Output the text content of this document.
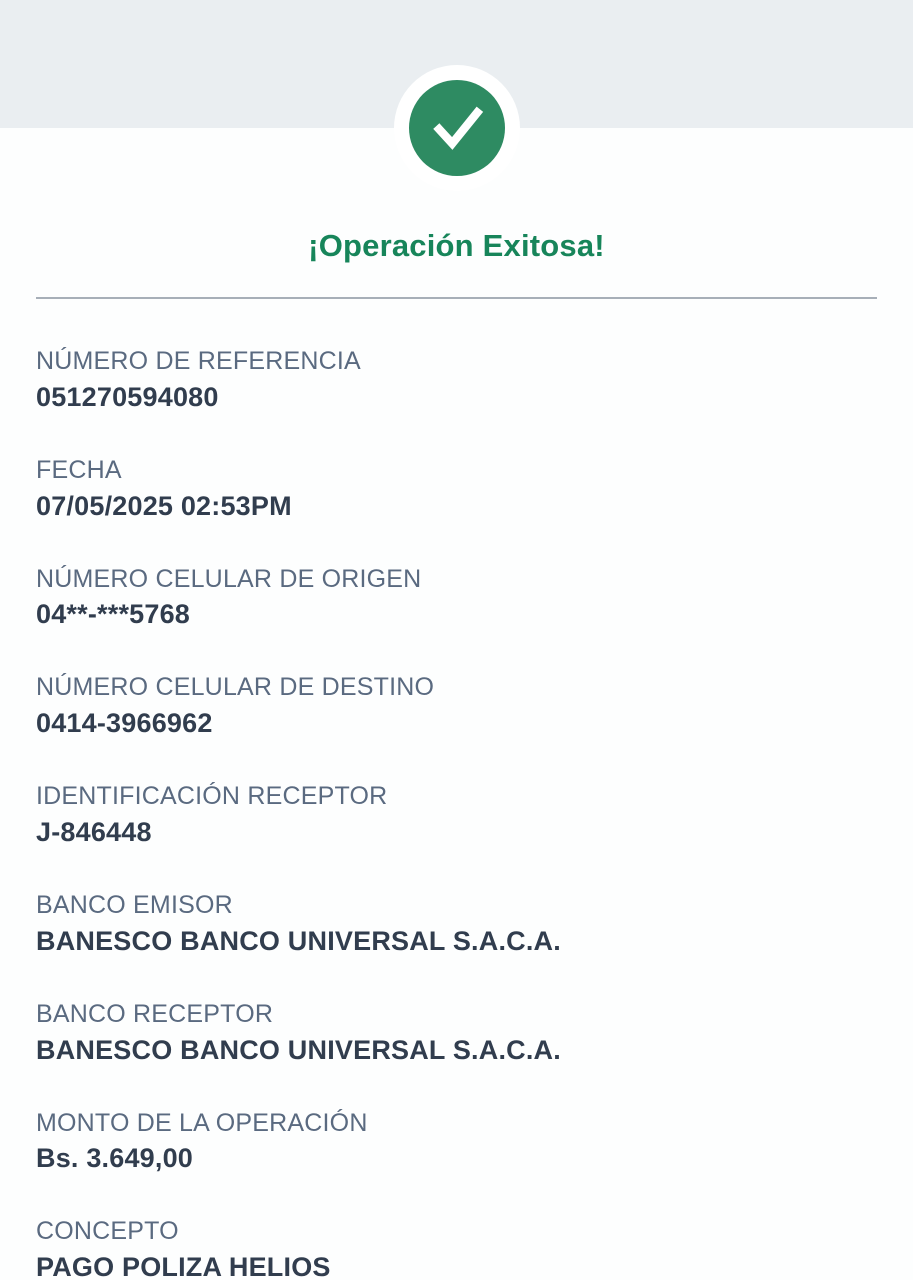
¡Operación Exitosa!
NÚMERO DE REFERENCIA
051270594080
FECHA
07/05/2025 02:53PM
NÚMERO CELULAR DE ORIGEN
04**-***5768
NÚMERO CELULAR DE DESTINO
0414-3966962
IDENTIFICACIÓN RECEPTOR
J-846448
BANCO EMISOR
BANESCO BANCO UNIVERSAL S.A.C.A.
BANCO RECEPTOR
BANESCO BANCO UNIVERSAL S.A.C.A.
MONTO DE LA OPERACIÓN
Bs. 3.649,00
CONCEPTO
PAGO POLIZA HELIOS
